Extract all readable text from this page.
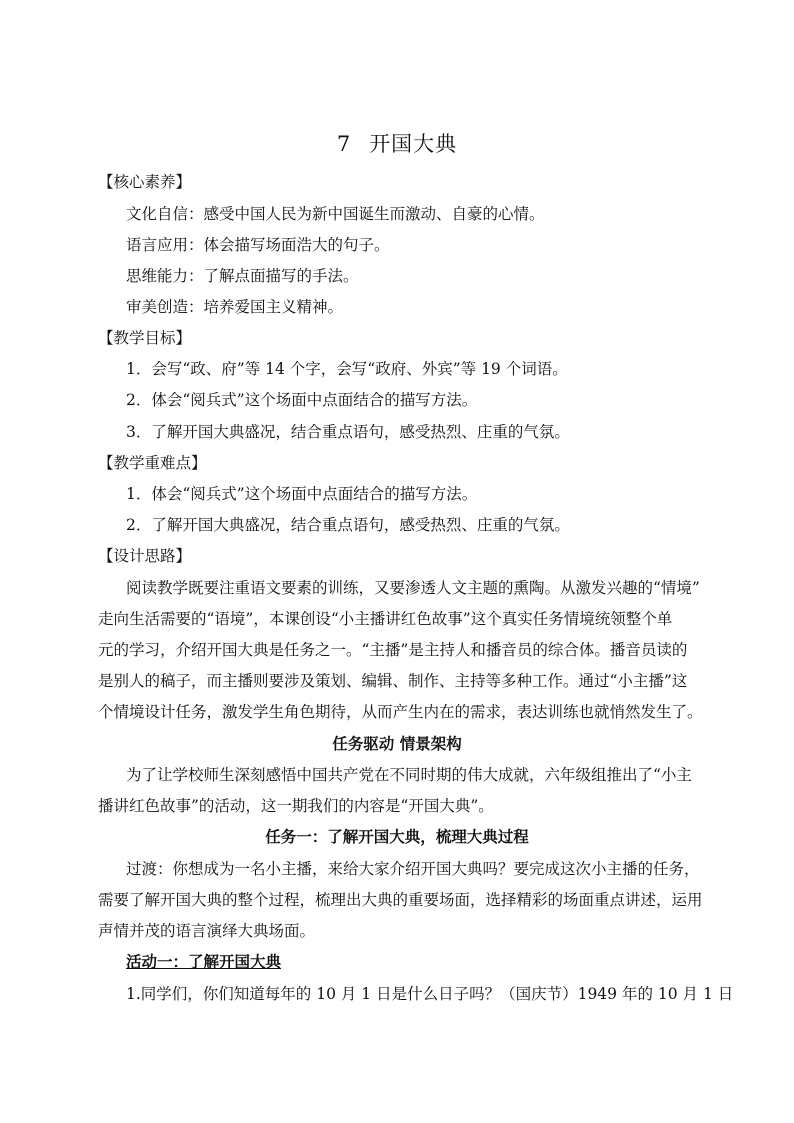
7 开国大典
【核心素养】
文化自信：感受中国人民为新中国诞生而激动、自豪的心情。
语言应用：体会描写场面浩大的句子。
思维能力：了解点面描写的手法。
审美创造：培养爱国主义精神。
【教学目标】
1．会写“政、府”等 14 个字，会写“政府、外宾”等 19 个词语。
2．体会“阅兵式”这个场面中点面结合的描写方法。
3．了解开国大典盛况，结合重点语句，感受热烈、庄重的气氛。
【教学重难点】
1．体会“阅兵式”这个场面中点面结合的描写方法。
2．了解开国大典盛况，结合重点语句，感受热烈、庄重的气氛。
【设计思路】
阅读教学既要注重语文要素的训练，又要渗透人文主题的熏陶。从激发兴趣的“情境”
走向生活需要的“语境”，本课创设“小主播讲红色故事”这个真实任务情境统领整个单
元的学习，介绍开国大典是任务之一。“主播”是主持人和播音员的综合体。播音员读的
是别人的稿子，而主播则要涉及策划、编辑、制作、主持等多种工作。通过“小主播”这
个情境设计任务，激发学生角色期待，从而产生内在的需求，表达训练也就悄然发生了。
任务驱动 情景架构
为了让学校师生深刻感悟中国共产党在不同时期的伟大成就，六年级组推出了“小主
播讲红色故事”的活动，这一期我们的内容是“开国大典”。
任务一：了解开国大典，梳理大典过程
过渡：你想成为一名小主播，来给大家介绍开国大典吗？要完成这次小主播的任务，
需要了解开国大典的整个过程，梳理出大典的重要场面，选择精彩的场面重点讲述，运用
声情并茂的语言演绎大典场面。
活动一：了解开国大典
1.同学们，你们知道每年的 10 月 1 日是什么日子吗？（国庆节）1949 年的 10 月 1 日
